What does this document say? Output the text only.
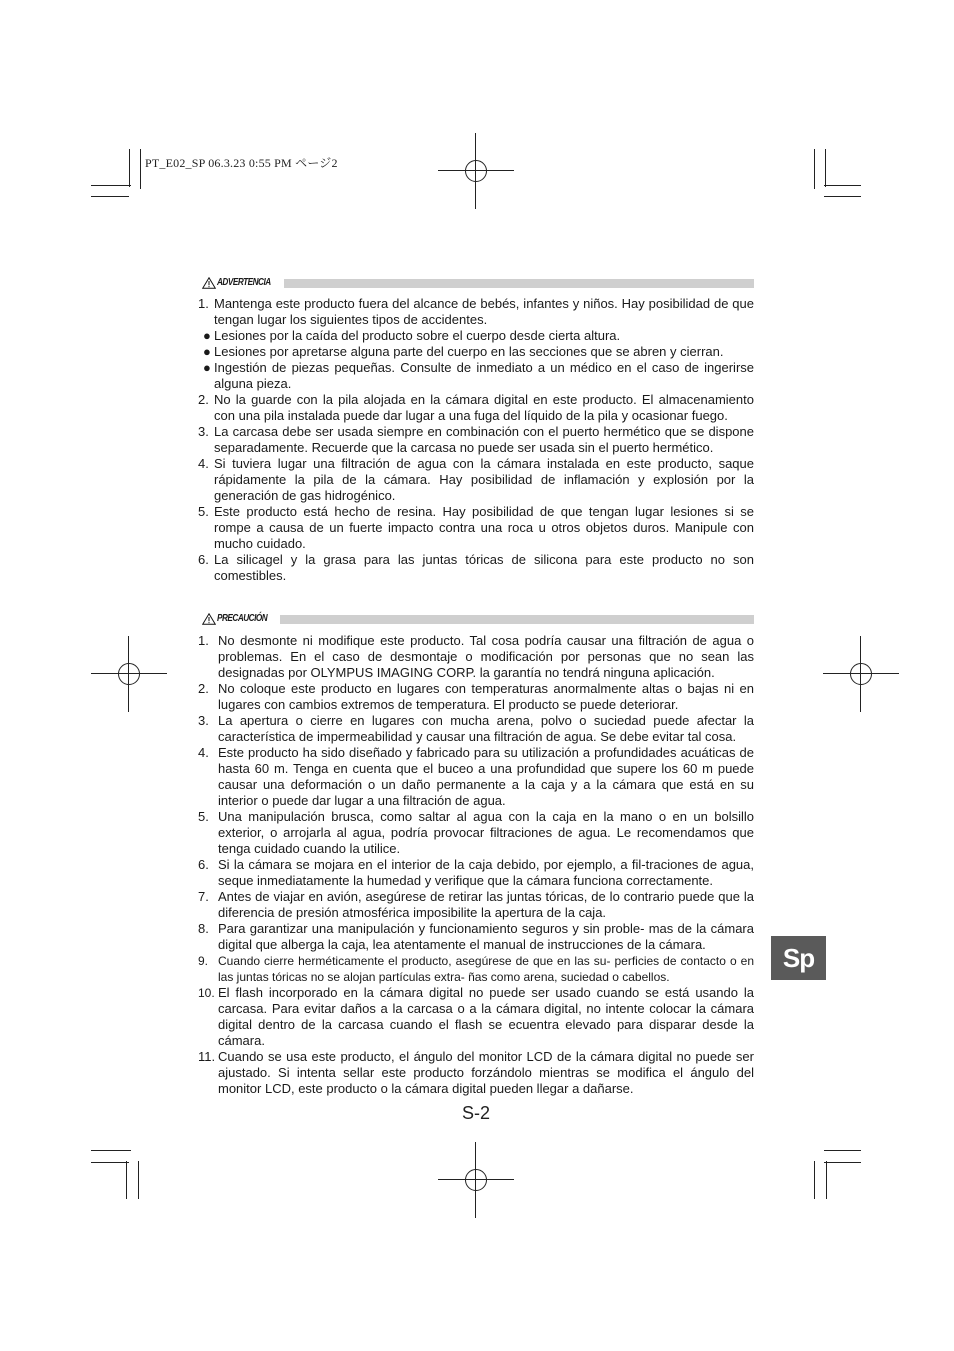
PT_E02_SP 06.3.23 0:55 PM ページ2
ADVERTENCIA
1. Mantenga este producto fuera del alcance de bebés, infantes y niños. Hay posibilidad de que tengan lugar los siguientes tipos de accidentes.
● Lesiones por la caída del producto sobre el cuerpo desde cierta altura.
● Lesiones por apretarse alguna parte del cuerpo en las secciones que se abren y cierran.
● Ingestión de piezas pequeñas. Consulte de inmediato a un médico en el caso de ingerirse alguna pieza.
2. No la guarde con la pila alojada en la cámara digital en este producto. El almacenamiento con una pila instalada puede dar lugar a una fuga del líquido de la pila y ocasionar fuego.
3. La carcasa debe ser usada siempre en combinación con el puerto hermético que se dispone separadamente. Recuerde que la carcasa no puede ser usada sin el puerto hermético.
4. Si tuviera lugar una filtración de agua con la cámara instalada en este producto, saque rápidamente la pila de la cámara. Hay posibilidad de inflamación y explosión por la generación de gas hidrogénico.
5. Este producto está hecho de resina. Hay posibilidad de que tengan lugar lesiones si se rompe a causa de un fuerte impacto contra una roca u otros objetos duros. Manipule con mucho cuidado.
6. La silicagel y la grasa para las juntas tóricas de silicona para este producto no son comestibles.
PRECAUCIÓN
1. No desmonte ni modifique este producto. Tal cosa podría causar una filtración de agua o problemas. En el caso de desmontaje o modificación por personas que no sean las designadas por OLYMPUS IMAGING CORP. la garantía no tendrá ninguna aplicación.
2. No coloque este producto en lugares con temperaturas anormalmente altas o bajas ni en lugares con cambios extremos de temperatura. El producto se puede deteriorar.
3. La apertura o cierre en lugares con mucha arena, polvo o suciedad puede afectar la característica de impermeabilidad y causar una filtración de agua. Se debe evitar tal cosa.
4. Este producto ha sido diseñado y fabricado para su utilización a profundidades acuáticas de hasta 60 m. Tenga en cuenta que el buceo a una profundidad que supere los 60 m puede causar una deformación o un daño permanente a la caja y a la cámara que está en su interior o puede dar lugar a una filtración de agua.
5. Una manipulación brusca, como saltar al agua con la caja en la mano o en un bolsillo exterior, o arrojarla al agua, podría provocar filtraciones de agua. Le recomendamos que tenga cuidado cuando la utilice.
6. Si la cámara se mojara en el interior de la caja debido, por ejemplo, a fil-traciones de agua, seque inmediatamente la humedad y verifique que la cámara funciona correctamente.
7. Antes de viajar en avión, asegúrese de retirar las juntas tóricas, de lo contrario puede que la diferencia de presión atmosférica imposibilite la apertura de la caja.
8. Para garantizar una manipulación y funcionamiento seguros y sin proble- mas de la cámara digital que alberga la caja, lea atentamente el manual de instrucciones de la cámara.
9. Cuando cierre herméticamente el producto, asegúrese de que en las su- perficies de contacto o en las juntas tóricas no se alojan partículas extra- ñas como arena, suciedad o cabellos.
10. El flash incorporado en la cámara digital no puede ser usado cuando se está usando la carcasa. Para evitar daños a la carcasa o a la cámara digital, no intente colocar la cámara digital dentro de la carcasa cuando el flash se ecuentra elevado para disparar desde la cámara.
11. Cuando se usa este producto, el ángulo del monitor LCD de la cámara digital no puede ser ajustado. Si intenta sellar este producto forzándolo mientras se modifica el ángulo del monitor LCD, este producto o la cámara digital pueden llegar a dañarse.
Sp
S-2
